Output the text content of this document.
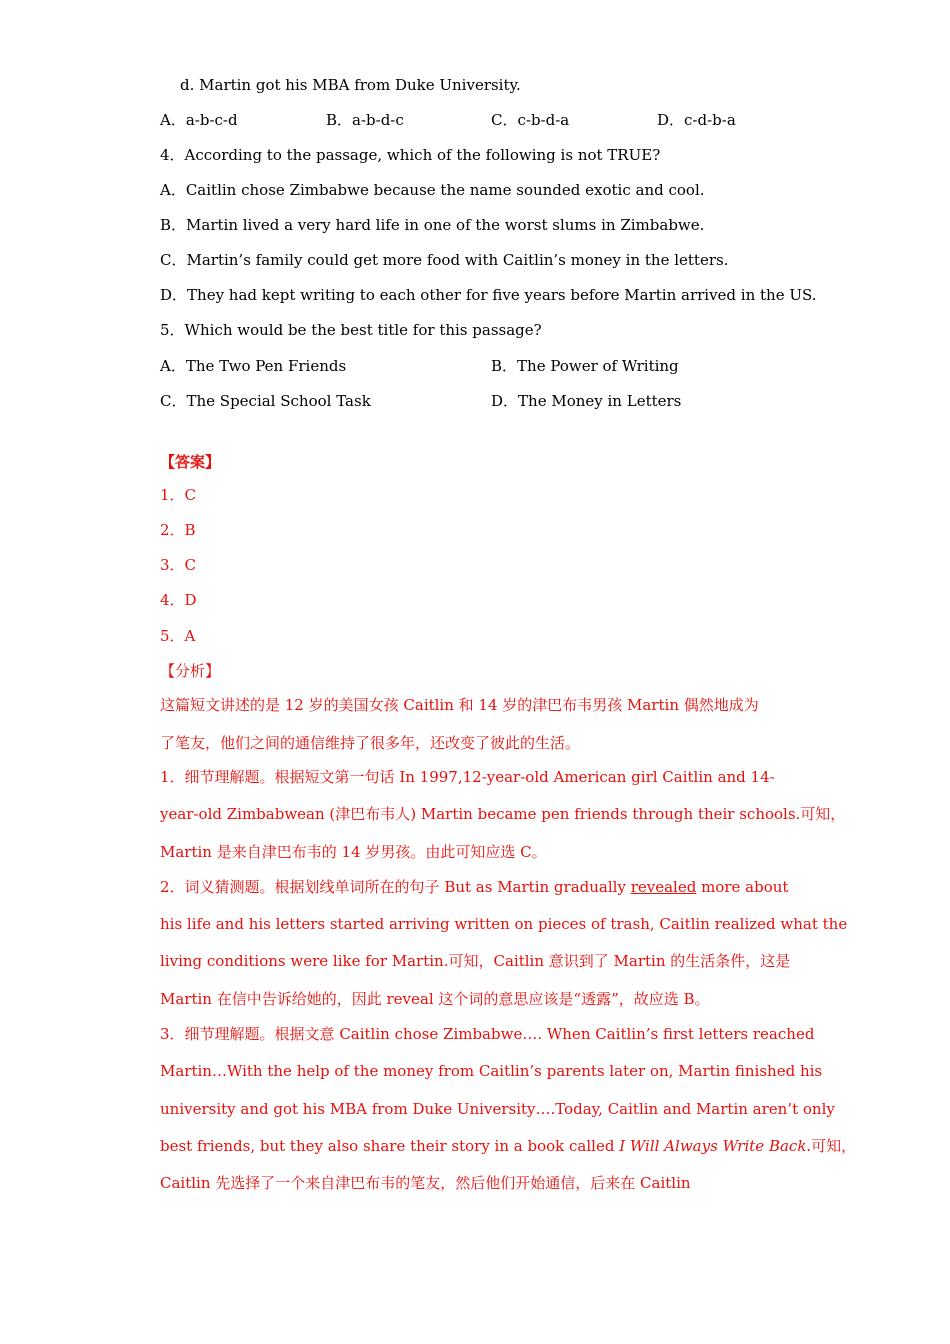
d. Martin got his MBA from Duke University.
A．a-b-c-d	B．a-b-d-c	C．c-b-d-a	D．c-d-b-a
4．According to the passage, which of the following is not TRUE?
A．Caitlin chose Zimbabwe because the name sounded exotic and cool.
B．Martin lived a very hard life in one of the worst slums in Zimbabwe.
C．Martin’s family could get more food with Caitlin’s money in the letters.
D．They had kept writing to each other for five years before Martin arrived in the US.
5．Which would be the best title for this passage?
A．The Two Pen Friends	B．The Power of Writing
C．The Special School Task	D．The Money in Letters
【答案】
1．C
2．B
3．C
4．D
5．A
【分析】
这篇短文讲述的是 12 岁的美国女孩 Caitlin 和 14 岁的津巴布韦男孩 Martin 偶然地成为
了笔友，他们之间的通信维持了很多年，还改变了彼此的生活。
1．细节理解题。根据短文第一句话 In 1997,12-year-old American girl Caitlin and 14-
year-old Zimbabwean (津巴布韦人) Martin became pen friends through their schools.可知，
Martin 是来自津巴布韦的 14 岁男孩。由此可知应选 C。
2．词义猜测题。根据划线单词所在的句子 But as Martin gradually revealed more about
his life and his letters started arriving written on pieces of trash, Caitlin realized what the
living conditions were like for Martin.可知，Caitlin 意识到了 Martin 的生活条件，这是
Martin 在信中告诉给她的，因此 reveal 这个词的意思应该是“透露”，故应选 B。
3．细节理解题。根据文意 Caitlin chose Zimbabwe…. When Caitlin’s first letters reached
Martin…With the help of the money from Caitlin’s parents later on, Martin finished his
university and got his MBA from Duke University….Today, Caitlin and Martin aren’t only
best friends, but they also share their story in a book called I Will Always Write Back.可知，
Caitlin 先选择了一个来自津巴布韦的笔友，然后他们开始通信，后来在 Caitlin
